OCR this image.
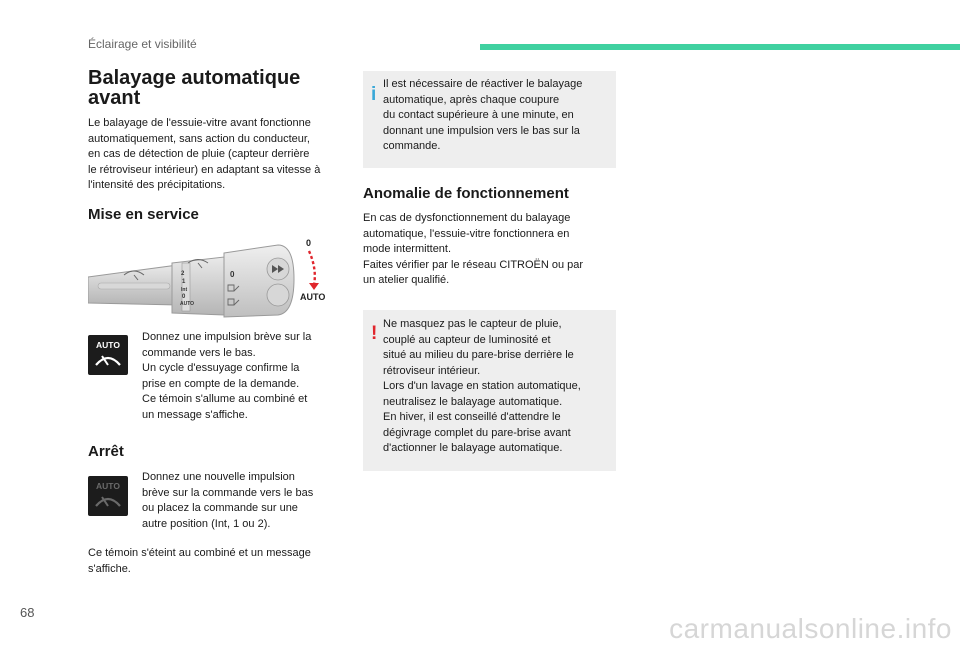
Éclairage et visibilité

Balayage automatique avant

Le balayage de l'essuie-vitre avant fonctionne
automatiquement, sans action du conducteur,
en cas de détection de pluie (capteur derrière
le rétroviseur intérieur) en adaptant sa vitesse à
l'intensité des précipitations.

Mise en service
2
1
Int
0
AUTO
0
0
AUTO
AUTO

Donnez une impulsion brève sur la
commande vers le bas.
Un cycle d'essuyage confirme la
prise en compte de la demande.
Ce témoin s'allume au combiné et
un message s'affiche.

Arrêt
AUTO

Donnez une nouvelle impulsion
brève sur la commande vers le bas
ou placez la commande sur une
autre position (Int, 1 ou 2).

Ce témoin s'éteint au combiné et un message
s'affiche.

i Il est nécessaire de réactiver le balayage
automatique, après chaque coupure
du contact supérieure à une minute, en
donnant une impulsion vers le bas sur la
commande.

Anomalie de fonctionnement

En cas de dysfonctionnement du balayage
automatique, l'essuie-vitre fonctionnera en
mode intermittent.
Faites vérifier par le réseau CITROËN ou par
un atelier qualifié.

! Ne masquez pas le capteur de pluie,
couplé au capteur de luminosité et
situé au milieu du pare-brise derrière le
rétroviseur intérieur.
Lors d'un lavage en station automatique,
neutralisez le balayage automatique.
En hiver, il est conseillé d'attendre le
dégivrage complet du pare-brise avant
d'actionner le balayage automatique.

68

carmanualsonline.info
